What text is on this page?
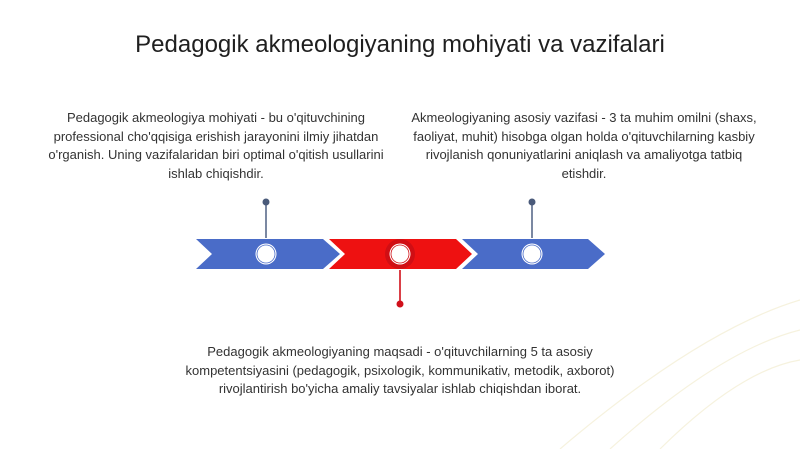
Pedagogik akmeologiyaning mohiyati va vazifalari
Pedagogik akmeologiya mohiyati - bu o'qituvchining professional cho'qqisiga erishish jarayonini ilmiy jihatdan o'rganish. Uning vazifalaridan biri optimal o'qitish usullarini ishlab chiqishdir.
Akmeologiyaning asosiy vazifasi - 3 ta muhim omilni (shaxs, faoliyat, muhit) hisobga olgan holda o'qituvchilarning kasbiy rivojlanish qonuniyatlarini aniqlash va amaliyotga tatbiq etishdir.
Pedagogik akmeologiyaning maqsadi - o'qituvchilarning 5 ta asosiy kompetentsiyasini (pedagogik, psixologik, kommunikativ, metodik, axborot) rivojlantirish bo'yicha amaliy tavsiyalar ishlab chiqishdan iborat.
